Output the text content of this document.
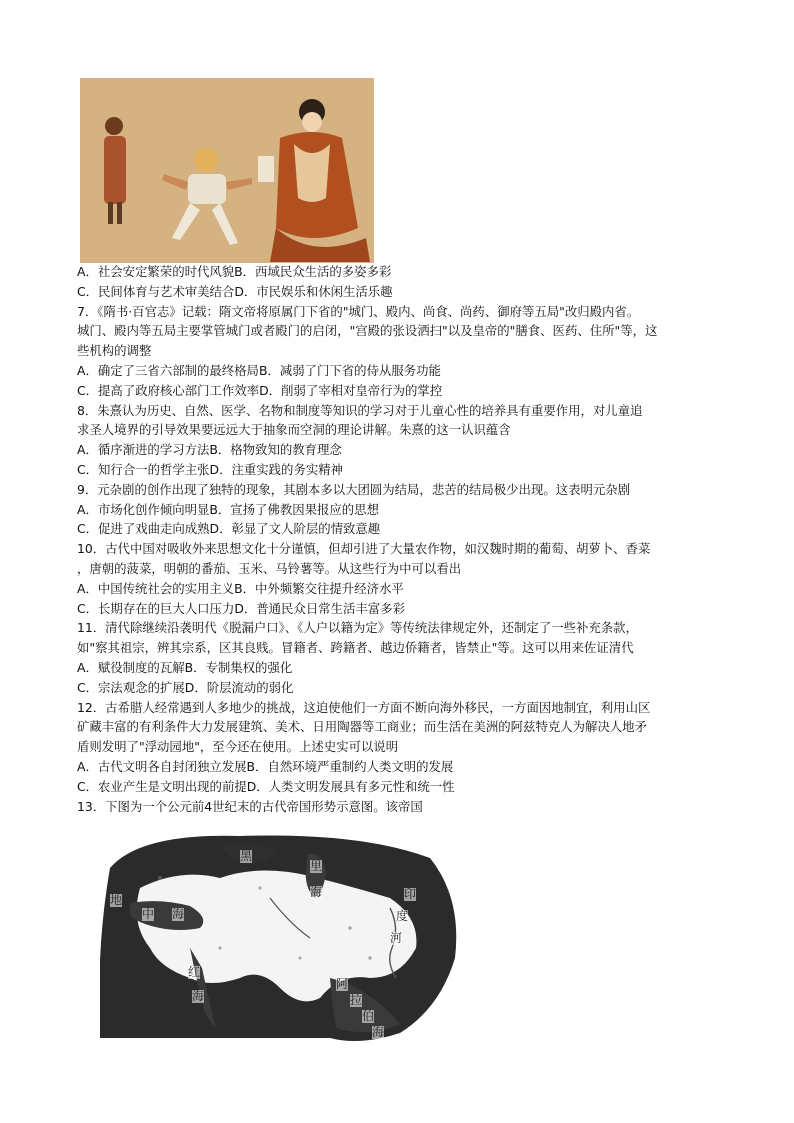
A．社会安定繁荣的时代风貌B．西域民众生活的多姿多彩
C．民间体育与艺术审美结合D．市民娱乐和休闲生活乐趣
7．《隋书·百官志》记载：隋文帝将原属门下省的"城门、殿内、尚食、尚药、御府等五局"改归殿内省。
城门、殿内等五局主要掌管城门或者殿门的启闭，"宫殿的张设洒扫"以及皇帝的"膳食、医药、住所"等，这
些机构的调整
A．确定了三省六部制的最终格局B．减弱了门下省的侍从服务功能
C．提高了政府核心部门工作效率D．削弱了宰相对皇帝行为的掌控
8．朱熹认为历史、自然、医学、名物和制度等知识的学习对于儿童心性的培养具有重要作用，对儿童追
求圣人境界的引导效果要远远大于抽象而空洞的理论讲解。朱熹的这一认识蕴含
A．循序渐进的学习方法B．格物致知的教育理念
C．知行合一的哲学主张D．注重实践的务实精神
9．元杂剧的创作出现了独特的现象，其剧本多以大团圆为结局，悲苦的结局极少出现。这表明元杂剧
A．市场化创作倾向明显B．宣扬了佛教因果报应的思想
C．促进了戏曲走向成熟D．彰显了文人阶层的情致意趣
10．古代中国对吸收外来思想文化十分谨慎，但却引进了大量农作物，如汉魏时期的葡萄、胡萝卜、香菜
，唐朝的菠菜，明朝的番茄、玉米、马铃薯等。从这些行为中可以看出
A．中国传统社会的实用主义B．中外频繁交往提升经济水平
C．长期存在的巨大人口压力D．普通民众日常生活丰富多彩
11．清代除继续沿袭明代《脱漏户口》、《人户以籍为定》等传统法律规定外，还制定了一些补充条款，
如"察其祖宗，辨其宗系，区其良贱。冒籍者、跨籍者、越边侨籍者，皆禁止"等。这可以用来佐证清代
A．赋役制度的瓦解B．专制集权的强化
C．宗法观念的扩展D．阶层流动的弱化
12．古希腊人经常遇到人多地少的挑战，这迫使他们一方面不断向海外移民，一方面因地制宜，利用山区
矿藏丰富的有利条件大力发展建筑、美术、日用陶器等工商业；而生活在美洲的阿兹特克人为解决人地矛
盾则发明了"浮动园地"，至今还在使用。上述史实可以说明
A．古代文明各自封闭独立发展B．自然环境严重制约人类文明的发展
C．农业产生是文明出现的前提D．人类文明发展具有多元性和统一性
13．下图为一个公元前4世纪末的古代帝国形势示意图。该帝国
黑
里
海
地
中 海
印
度
河
红
海
阿
拉
伯
海
